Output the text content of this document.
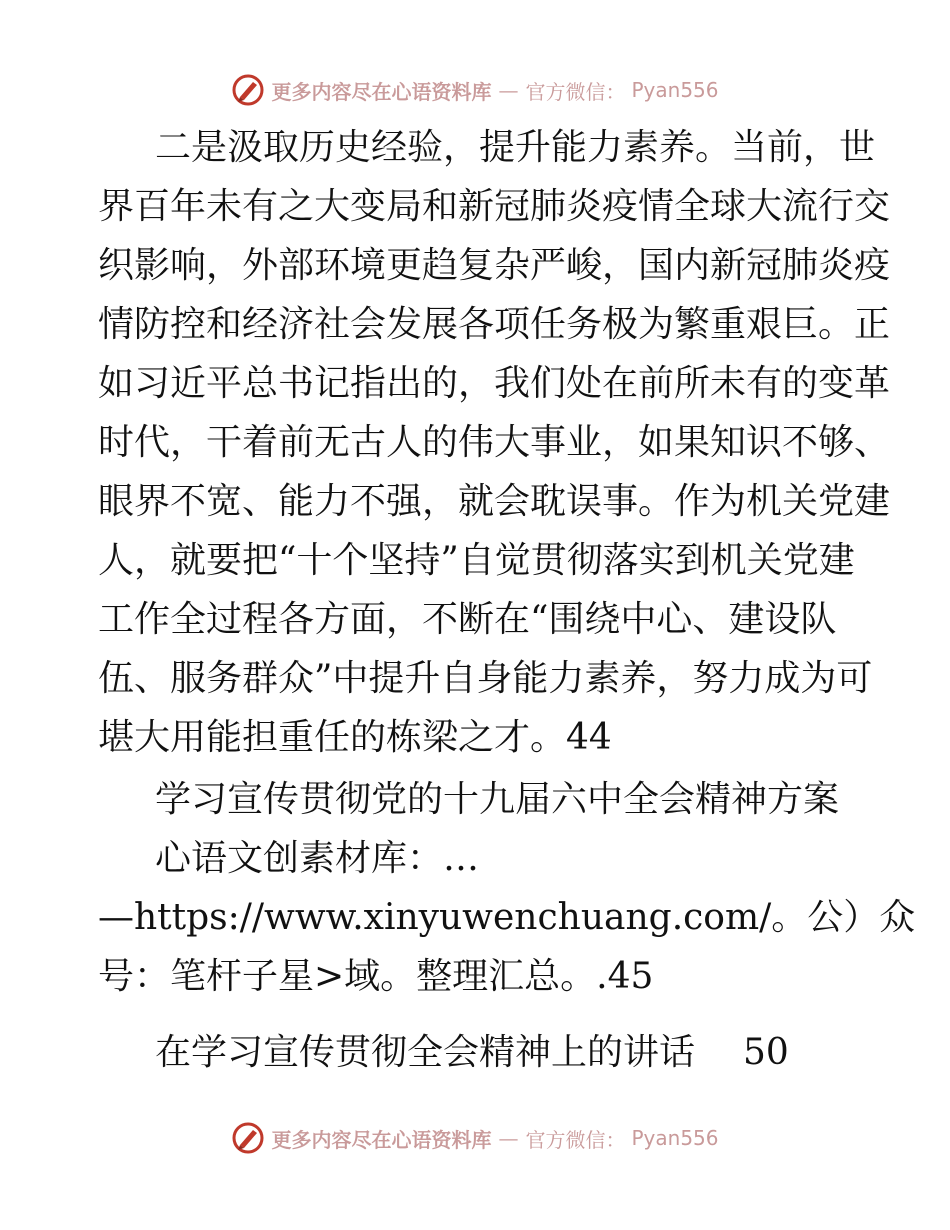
更多内容尽在心语资料库 — 官方微信： Pyan556
二是汲取历史经验，提升能力素养。当前，世
界百年未有之大变局和新冠肺炎疫情全球大流行交
织影响，外部环境更趋复杂严峻，国内新冠肺炎疫
情防控和经济社会发展各项任务极为繁重艰巨。正
如习近平总书记指出的，我们处在前所未有的变革
时代，干着前无古人的伟大事业，如果知识不够、
眼界不宽、能力不强，就会耽误事。作为机关党建
人，就要把“十个坚持”自觉贯彻落实到机关党建
工作全过程各方面，不断在“围绕中心、建设队
伍、服务群众”中提升自身能力素养，努力成为可
堪大用能担重任的栋梁之才。44
学习宣传贯彻党的十九届六中全会精神方案
心语文创素材库：…
—https://www.xinyuwenchuang.com/。公）众
号：笔杆子星>域。整理汇总。.45
在学习宣传贯彻全会精神上的讲话 50
更多内容尽在心语资料库 — 官方微信： Pyan556
